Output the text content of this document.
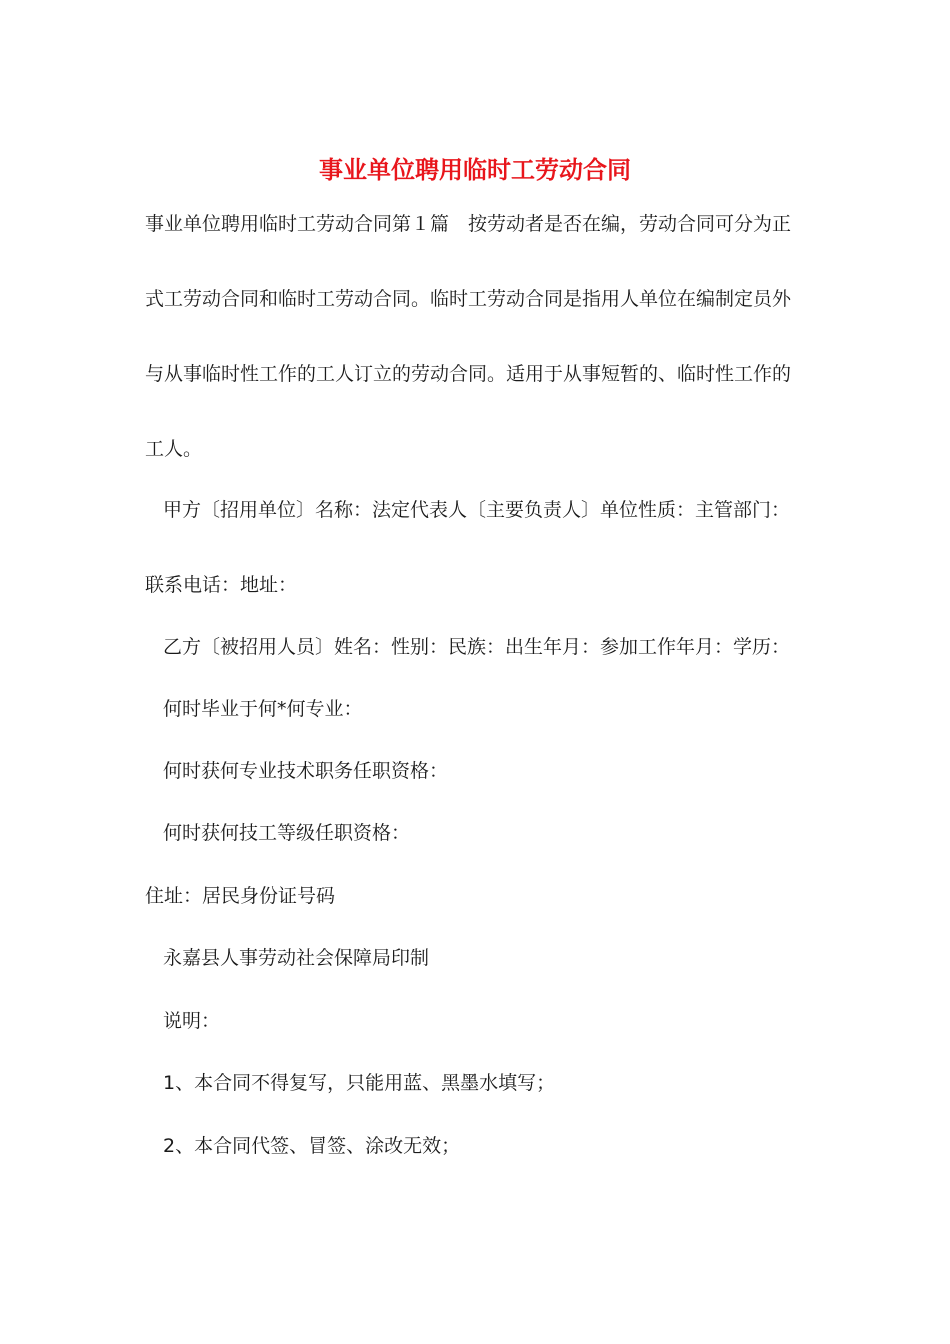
事业单位聘用临时工劳动合同
事业单位聘用临时工劳动合同第１篇　按劳动者是否在编，劳动合同可分为正
式工劳动合同和临时工劳动合同。临时工劳动合同是指用人单位在编制定员外
与从事临时性工作的工人订立的劳动合同。适用于从事短暂的、临时性工作的
工人。
甲方〔招用单位〕名称：法定代表人〔主要负责人〕单位性质：主管部门：
联系电话：地址：
乙方〔被招用人员〕姓名：性别：民族：出生年月：参加工作年月：学历：
何时毕业于何*何专业：
何时获何专业技术职务任职资格：
何时获何技工等级任职资格：
住址：居民身份证号码
永嘉县人事劳动社会保障局印制
说明：
1、本合同不得复写，只能用蓝、黑墨水填写；
2、本合同代签、冒签、涂改无效；
